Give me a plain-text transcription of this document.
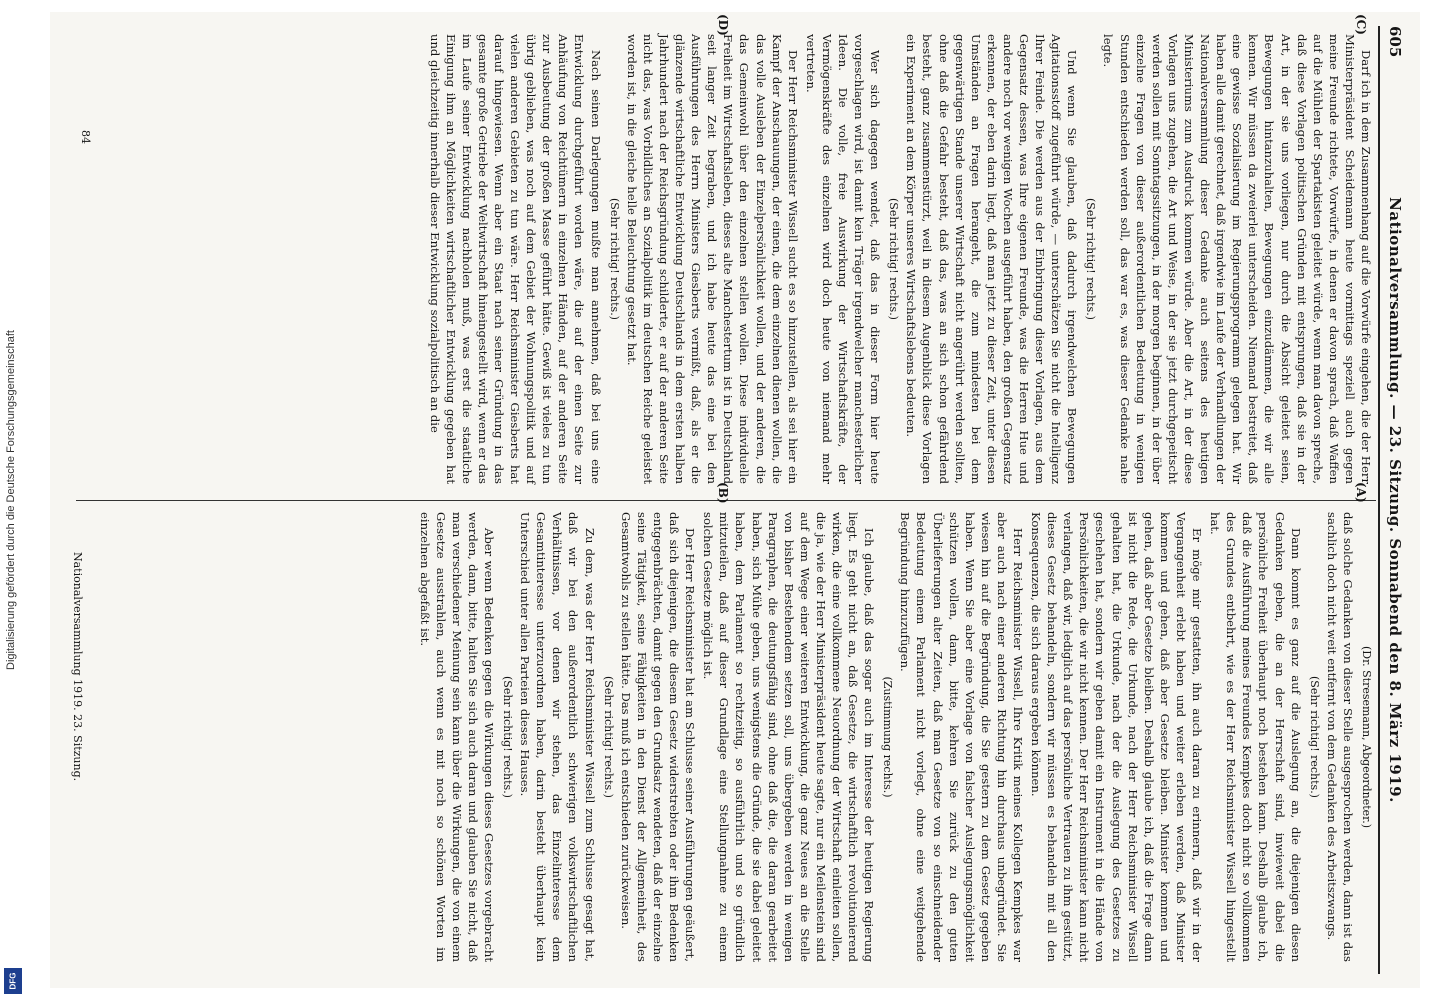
Digitalisierung gefördert durch die Deutsche Forschungsgemeinschaft
DFG
605
Nationalversammlung. — 23. Sitzung. Sonnabend den 8. März 1919.
(A)
(B)
(C)
(D)

(Dr. Stresemann, Abgeordneter.)

daß solche Gedanken von dieser Stelle ausgesprochen werden, dann ist das sachlich doch nicht weit entfernt von dem Gedanken des Arbeitszwangs.

(Sehr richtig! rechts.)

Dann kommt es ganz auf die Auslegung an, die diejenigen diesen Gedanken geben, die an der Herrschaft sind, inwieweit dabei die persönliche Freiheit überhaupt noch bestehen kann. Deshalb glaube ich, daß die Ausführung meines Freundes Kempkes doch nicht so vollkommen des Grundes entbehrt, wie es der Herr Reichsminister Wissell hingestellt hat.

Er möge mir gestatten, ihn auch daran zu erinnern, daß wir in der Vergangenheit erlebt haben und weiter erleben werden, daß Minister kommen und gehen, daß aber Gesetze bleiben. Minister kommen und gehen, daß aber Gesetze bleiben. Deshalb glaube ich, daß die Frage dann ist nicht die Rede, die Urkunde, nach der Herr Reichsminister Wissell gehalten hat, die Urkunde, nach der die Auslegung des Gesetzes zu geschehen hat, sondern wir geben damit ein Instrument in die Hände von Persönlichkeiten, die wir nicht kennen. Der Herr Reichsminister kann nicht verlangen, daß wir, lediglich auf das persönliche Vertrauen zu ihm gestützt, dieses Gesetz behandeln, sondern wir müssen es behandeln mit all den Konsequenzen, die sich daraus ergeben können.

Herr Reichsminister Wissell, Ihre Kritik meines Kollegen Kempkes war aber auch nach einer anderen Richtung hin durchaus unbegründet. Sie wiesen hin auf die Begründung, die Sie gestern zu dem Gesetz gegeben haben. Wenn Sie aber eine Vorlage von falscher Auslegungsmöglichkeit schützen wollen, dann, bitte, kehren Sie zurück zu den guten Überlieferungen alter Zeiten, daß man Gesetze von so einschneidender Bedeutung einem Parlament nicht vorlegt, ohne eine weitgehende Begründung hinzuzufügen.

(Zustimmung rechts.)

Ich glaube, daß das sogar auch im Interesse der heutigen Regierung liegt. Es geht nicht an, daß Gesetze, die wirtschaftlich revolutionierend wirken, die eine vollkommene Neuordnung der Wirtschaft einleiten sollen, die ja, wie der Herr Ministerpräsident heute sagte, nur ein Meilenstein sind auf dem Wege einer weiteren Entwicklung, die ganz Neues an die Stelle von bisher Bestehendem setzen soll, uns übergeben werden in wenigen Paragraphen, die deutungsfähig sind, ohne daß die, die daran gearbeitet haben, sich Mühe geben, uns wenigstens die Gründe, die sie dabei geleitet haben, dem Parlament so rechtzeitig, so ausführlich und so gründlich mitzuteilen, daß auf dieser Grundlage eine Stellungnahme zu einem solchen Gesetze möglich ist.

Der Herr Reichsminister hat am Schlusse seiner Ausführungen geäußert, daß sich diejenigen, die diesem Gesetz widerstrebten oder ihm Bedenken entgegenbrächten, damit gegen den Grundsatz wendeten, daß der einzelne seine Tätigkeit, seine Fähigkeiten in den Dienst der Allgemeinheit, des Gesamtwohls zu stellen hätte. Das muß ich entschieden zurückweisen.

(Sehr richtig! rechts.)

Zu dem, was der Herr Reichsminister Wissell zum Schlusse gesagt hat, daß wir bei den außerordentlich schwierigen volkswirtschaftlichen Verhältnissen, vor denen wir stehen, das Einzelinteresse dem Gesamtinteresse unterzuordnen haben, darin besteht überhaupt kein Unterschied unter allen Parteien dieses Hauses.

(Sehr richtig! rechts.)

Aber wenn Bedenken gegen die Wirkungen dieses Gesetzes vorgebracht werden, dann, bitte, halten Sie sich auch daran und glauben Sie nicht, daß man verschiedener Meinung sein kann über die Wirkungen, die von einem Gesetze ausstrahlen, auch wenn es mit noch so schönen Worten im einzelnen abgefaßt ist.

Darf ich in dem Zusammenhang auf die Vorwürfe eingehen, die der Herr Ministerpräsident Scheidemann heute vormittags speziell auch gegen meine Freunde richtete, Vorwürfe, in denen er davon sprach, daß Waffen auf die Mühlen der Spartakisten geleitet würde, wenn man davon spreche, daß diese Vorlagen politischen Gründen mit entsprungen, daß sie in der Art, in der sie uns vorliegen, nur durch die Absicht geleitet seien, Bewegungen hintanzuhalten, Bewegungen einzudämmen, die wir alle kennen. Wir müssen da zweierlei unterscheiden. Niemand bestreitet, daß eine gewisse Sozialisierung im Regierungsprogramm gelegen hat. Wir haben alle damit gerechnet, daß irgendwie im Laufe der Verhandlungen der Nationalversammlung dieser Gedanke auch seitens des heutigen Ministeriums zum Ausdruck kommen würde. Aber die Art, in der diese Vorlagen uns zugehen, die Art und Weise, in der sie jetzt durchgepeitscht werden sollen mit Sonntagssitzungen, in der morgen beginnen, in der über einzelne Fragen von dieser außerordentlichen Bedeutung in wenigen Stunden entschieden werden soll, das war es, was dieser Gedanke nahe legte.

(Sehr richtig! rechts.)

Und wenn Sie glauben, daß dadurch irgendwelchen Bewegungen Agitationsstoff zugeführt würde, — unterschätzen Sie nicht die Intelligenz Ihrer Feinde. Die werden aus der Einbringung dieser Vorlagen, aus dem Gegensatz dessen, was Ihre eigenen Freunde, was die Herren Hue und andere noch vor wenigen Wochen ausgeführt haben, den großen Gegensatz erkennen, der eben darin liegt, daß man jetzt zu dieser Zeit, unter diesen Umständen an Fragen herangeht, die zum mindesten bei dem gegenwärtigen Stande unserer Wirtschaft nicht angerührt werden sollten, ohne daß die Gefahr besteht, daß das, was an sich schon gefährdend besteht, ganz zusammenstürzt, weil in diesem Augenblick diese Vorlagen ein Experiment an dem Körper unseres Wirtschaftslebens bedeuten.

(Sehr richtig! rechts.)

Wer sich dagegen wendet, daß das in dieser Form hier heute vorgeschlagen wird, ist damit kein Träger irgendwelcher manchesterlicher Ideen. Die volle, freie Auswirkung der Wirtschaftskräfte, der Vermögenskräfte des einzelnen wird doch heute von niemand mehr vertreten.

Der Herr Reichsminister Wissell sucht es so hinzustellen, als sei hier ein Kampf der Anschauungen, der einen, die dem einzelnen dienen wollen, die das volle Ausleben der Einzelpersönlichkeit wollen, und der anderen, die das Gemeinwohl über den einzelnen stellen wollen. Diese individuelle Freiheit im Wirtschaftsleben, dieses alte Manchestertum ist in Deutschland seit langer Zeit begraben, und ich habe heute das eine bei den Ausführungen des Herrn Ministers Giesberts vermißt, daß, als er die glänzende wirtschaftliche Entwicklung Deutschlands in dem ersten halben Jahrhundert nach der Reichsgründung schilderte, er auf der anderen Seite nicht das, was Vorbildliches an Sozialpolitik im deutschen Reiche geleistet worden ist, in die gleiche helle Beleuchtung gesetzt hat.

(Sehr richtig! rechts.)

Nach seinen Darlegungen mußte man annehmen, daß bei uns eine Entwicklung durchgeführt worden wäre, die auf der einen Seite zur Anhäufung von Reichtümern in einzelnen Händen, auf der anderen Seite zur Ausbeutung der großen Masse geführt hätte. Gewiß ist vieles zu tun übrig geblieben, was noch auf dem Gebiet der Wohnungspolitik und auf vielen anderen Gebieten zu tun wäre. Herr Reichsminister Giesberts hat darauf hingewiesen. Wenn aber ein Staat nach seiner Gründung in das gesamte große Getriebe der Weltwirtschaft hineingestellt wird, wenn er das im Laufe seiner Entwicklung nachholen muß, was erst die staatliche Einigung ihm an Möglichkeiten wirtschaftlicher Entwicklung gegeben hat und gleichzeitig innerhalb dieser Entwicklung sozialpolitisch an die

Nationalversammlung 1919. 23. Sitzung.
84
